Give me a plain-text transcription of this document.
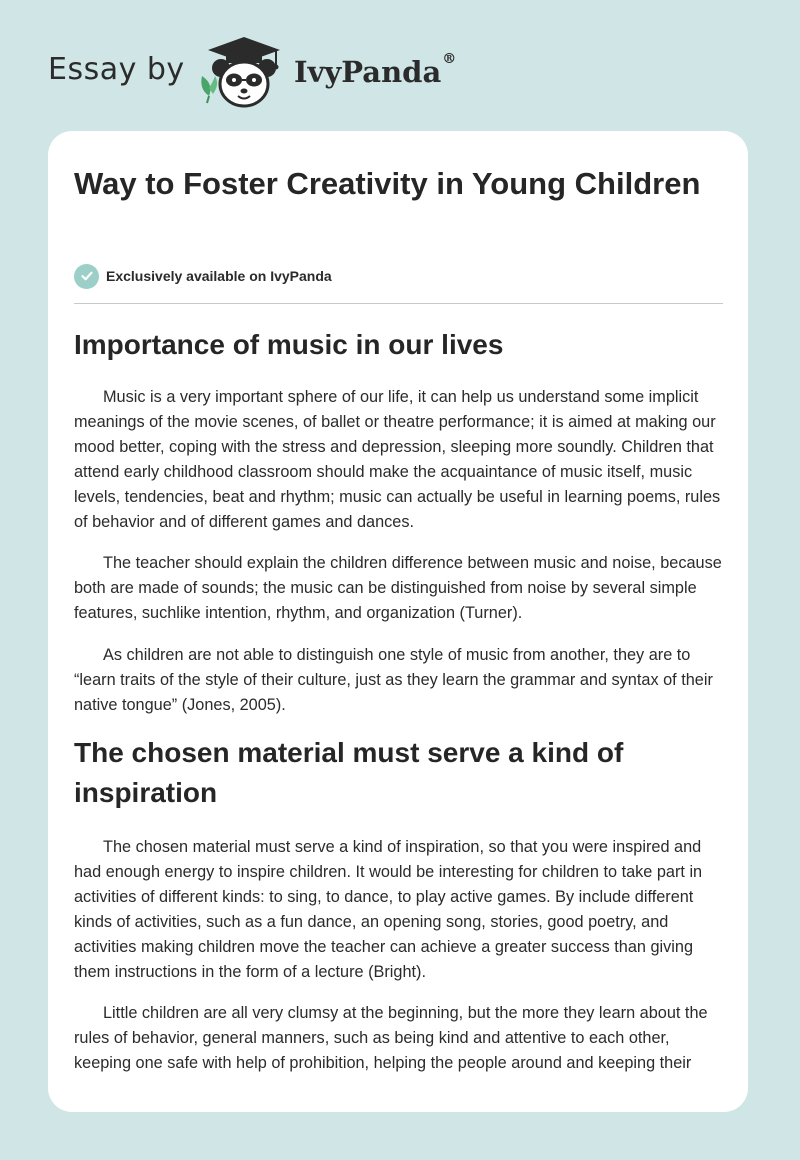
Essay by	IvyPanda®
Way to Foster Creativity in Young Children
Exclusively available on IvyPanda
Importance of music in our lives

Music is a very important sphere of our life, it can help us understand some implicit meanings of the movie scenes, of ballet or theatre performance; it is aimed at making our mood better, coping with the stress and depression, sleeping more soundly. Children that attend early childhood classroom should make the acquaintance of music itself, music levels, tendencies, beat and rhythm; music can actually be useful in learning poems, rules of behavior and of different games and dances.

The teacher should explain the children difference between music and noise, because both are made of sounds; the music can be distinguished from noise by several simple features, suchlike intention, rhythm, and organization (Turner).

As children are not able to distinguish one style of music from another, they are to “learn traits of the style of their culture, just as they learn the grammar and syntax of their native tongue” (Jones, 2005).

The chosen material must serve a kind of inspiration

The chosen material must serve a kind of inspiration, so that you were inspired and had enough energy to inspire children. It would be interesting for children to take part in activities of different kinds: to sing, to dance, to play active games. By include different kinds of activities, such as a fun dance, an opening song, stories, good poetry, and activities making children move the teacher can achieve a greater success than giving them instructions in the form of a lecture (Bright).

Little children are all very clumsy at the beginning, but the more they learn about the rules of behavior, general manners, such as being kind and attentive to each other, keeping one safe with help of prohibition, helping the people around and keeping their
